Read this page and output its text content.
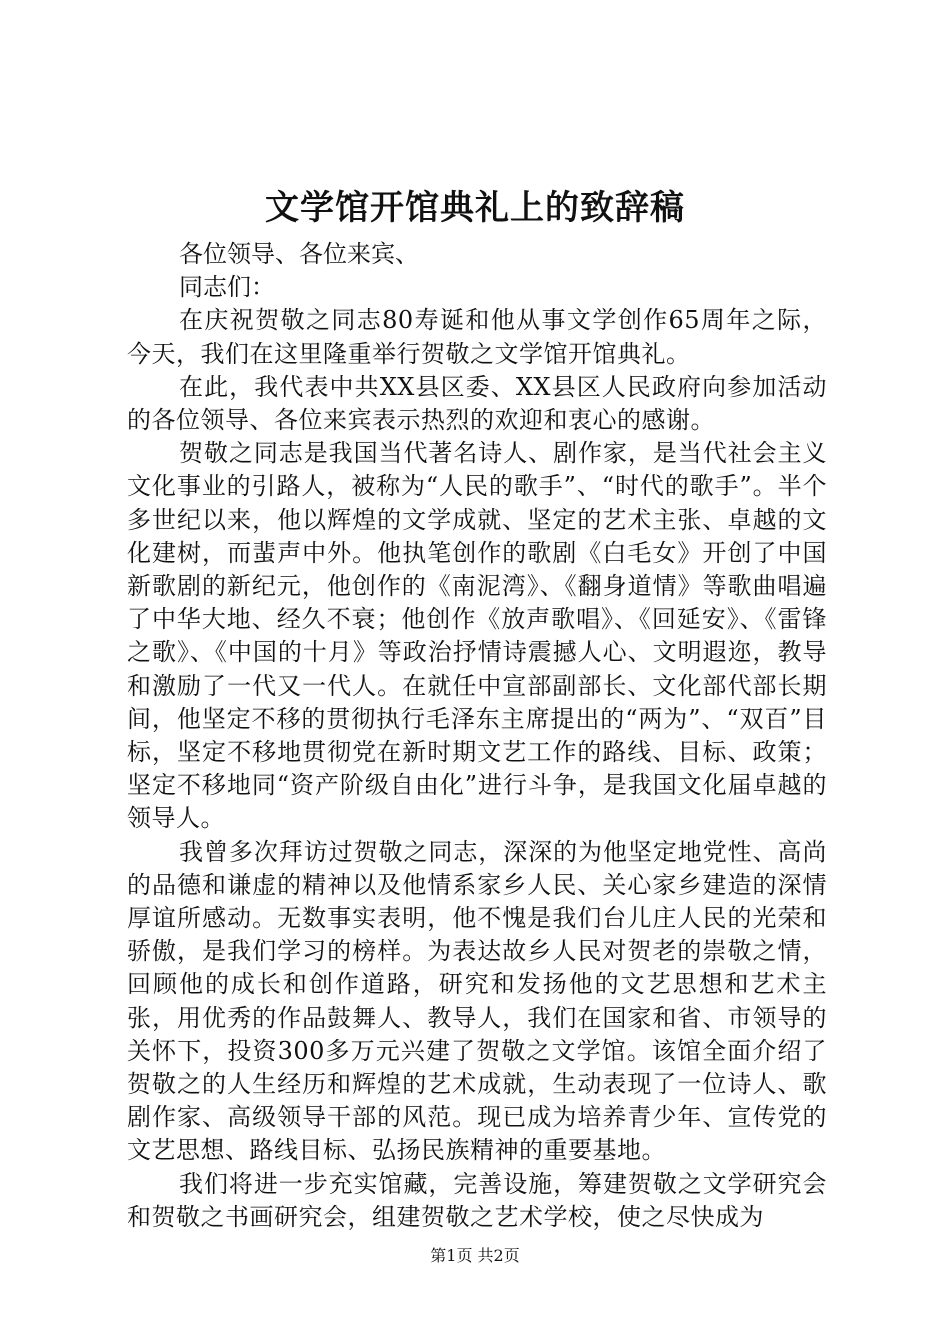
文学馆开馆典礼上的致辞稿

各位领导、各位来宾、

同志们：

在庆祝贺敬之同志80寿诞和他从事文学创作65周年之际，今天，我们在这里隆重举行贺敬之文学馆开馆典礼。

在此，我代表中共XX县区委、XX县区人民政府向参加活动的各位领导、各位来宾表示热烈的欢迎和衷心的感谢。

贺敬之同志是我国当代著名诗人、剧作家，是当代社会主义文化事业的引路人，被称为“人民的歌手”、“时代的歌手”。半个多世纪以来，他以辉煌的文学成就、坚定的艺术主张、卓越的文化建树，而蜚声中外。他执笔创作的歌剧《白毛女》开创了中国新歌剧的新纪元，他创作的《南泥湾》、《翻身道情》等歌曲唱遍了中华大地、经久不衰；他创作《放声歌唱》、《回延安》、《雷锋之歌》、《中国的十月》等政治抒情诗震撼人心、文明遐迩，教导和激励了一代又一代人。在就任中宣部副部长、文化部代部长期间，他坚定不移的贯彻执行毛泽东主席提出的“两为”、“双百”目标，坚定不移地贯彻党在新时期文艺工作的路线、目标、政策；坚定不移地同“资产阶级自由化”进行斗争，是我国文化届卓越的领导人。

我曾多次拜访过贺敬之同志，深深的为他坚定地党性、高尚的品德和谦虚的精神以及他情系家乡人民、关心家乡建造的深情厚谊所感动。无数事实表明，他不愧是我们台儿庄人民的光荣和骄傲，是我们学习的榜样。为表达故乡人民对贺老的崇敬之情，回顾他的成长和创作道路，研究和发扬他的文艺思想和艺术主张，用优秀的作品鼓舞人、教导人，我们在国家和省、市领导的关怀下，投资300多万元兴建了贺敬之文学馆。该馆全面介绍了贺敬之的人生经历和辉煌的艺术成就，生动表现了一位诗人、歌剧作家、高级领导干部的风范。现已成为培养青少年、宣传党的文艺思想、路线目标、弘扬民族精神的重要基地。

我们将进一步充实馆藏，完善设施，筹建贺敬之文学研究会和贺敬之书画研究会，组建贺敬之艺术学校，使之尽快成为

第1页 共2页
